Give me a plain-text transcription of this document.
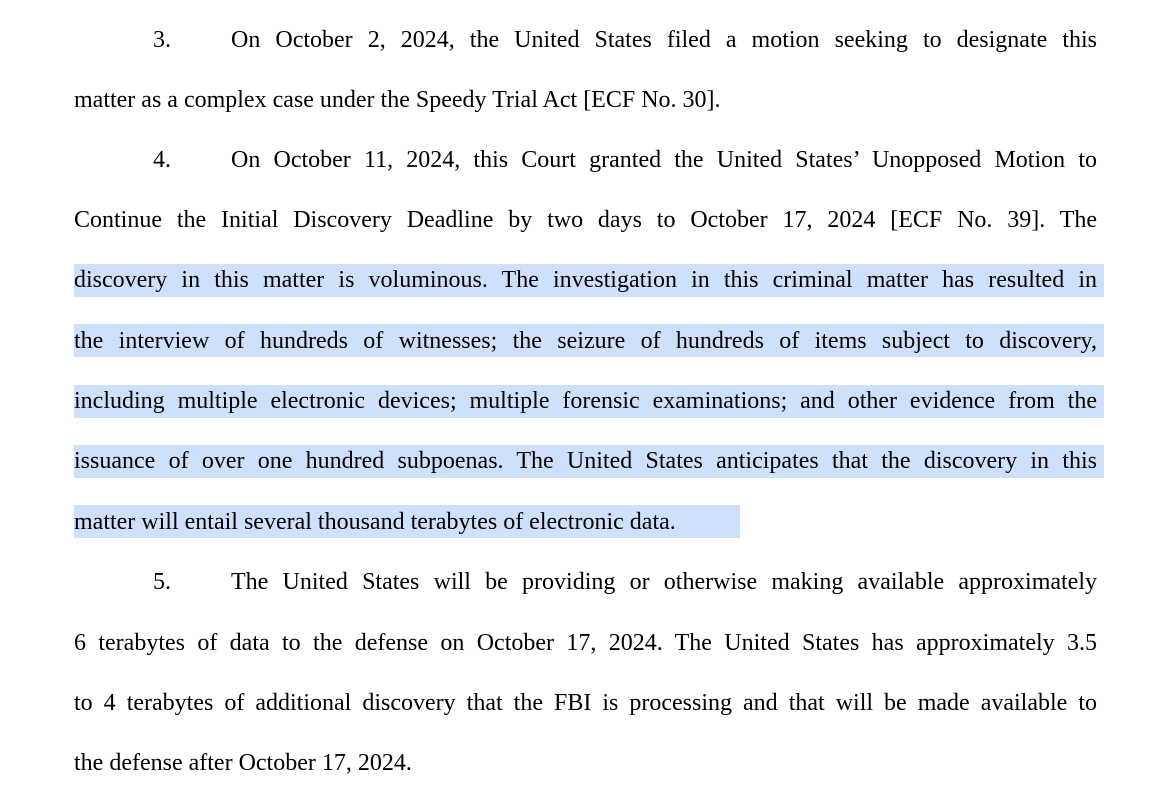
3.	On October 2, 2024, the United States filed a motion seeking to designate this
matter as a complex case under the Speedy Trial Act [ECF No. 30].
4.	On October 11, 2024, this Court granted the United States’ Unopposed Motion to
Continue the Initial Discovery Deadline by two days to October 17, 2024 [ECF No. 39]. The
discovery in this matter is voluminous. The investigation in this criminal matter has resulted in
the interview of hundreds of witnesses; the seizure of hundreds of items subject to discovery,
including multiple electronic devices; multiple forensic examinations; and other evidence from the
issuance of over one hundred subpoenas. The United States anticipates that the discovery in this
matter will entail several thousand terabytes of electronic data.
5.	The United States will be providing or otherwise making available approximately
6 terabytes of data to the defense on October 17, 2024. The United States has approximately 3.5
to 4 terabytes of additional discovery that the FBI is processing and that will be made available to
the defense after October 17, 2024.
